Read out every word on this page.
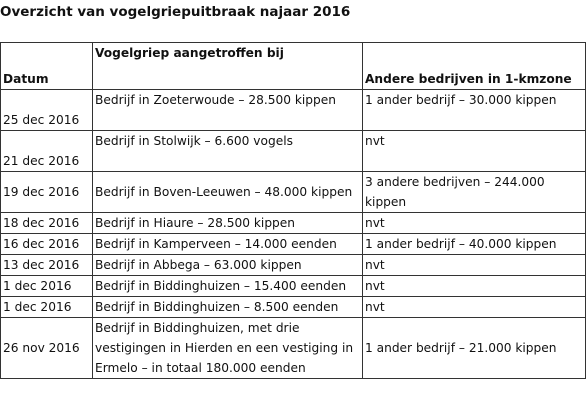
Overzicht van vogelgriepuitbraak najaar 2016
Datum	Vogelgriep aangetroffen bij	Andere bedrijven in 1-kmzone
25 dec 2016	Bedrijf in Zoeterwoude – 28.500 kippen	1 ander bedrijf – 30.000 kippen
21 dec 2016	Bedrijf in Stolwijk – 6.600 vogels	nvt
19 dec 2016	Bedrijf in Boven-Leeuwen – 48.000 kippen	3 andere bedrijven – 244.000 kippen
18 dec 2016	Bedrijf in Hiaure – 28.500 kippen	nvt
16 dec 2016	Bedrijf in Kamperveen – 14.000 eenden	1 ander bedrijf – 40.000 kippen
13 dec 2016	Bedrijf in Abbega – 63.000 kippen	nvt
1 dec 2016	Bedrijf in Biddinghuizen – 15.400 eenden	nvt
1 dec 2016	Bedrijf in Biddinghuizen – 8.500 eenden	nvt
26 nov 2016	Bedrijf in Biddinghuizen, met drie vestigingen in Hierden en een vestiging in Ermelo – in totaal 180.000 eenden	1 ander bedrijf – 21.000 kippen
